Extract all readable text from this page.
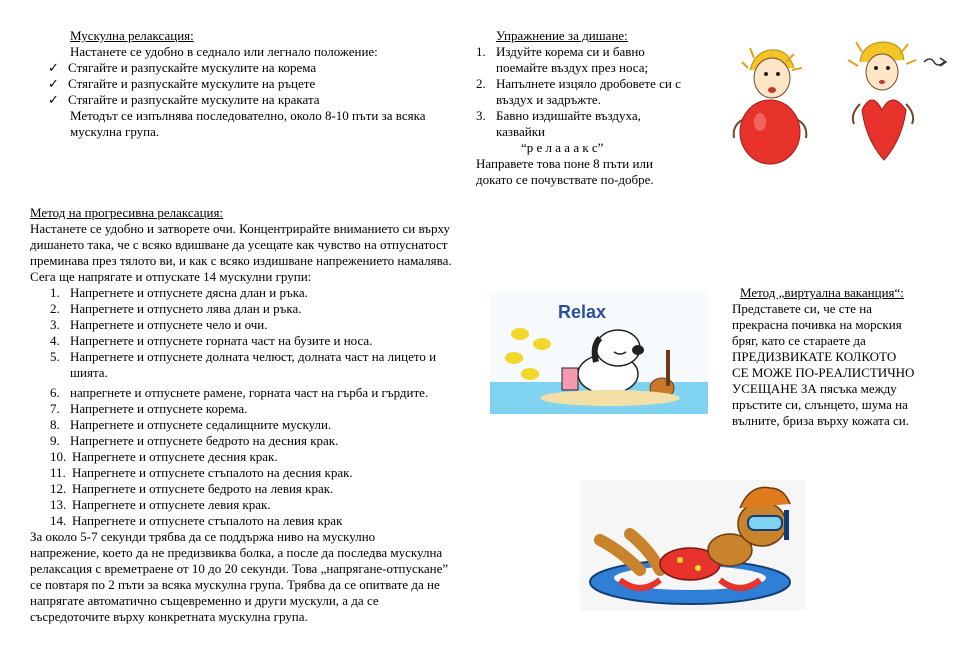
Мускулна релаксация:
Настанете се удобно в седнало или легнало положение:
✓ Стягайте и разпускайте мускулите на корема
✓ Стягайте и разпускайте мускулите на ръцете
✓ Стягайте и разпускайте мускулите на краката
Методът се изпълнява последователно, около 8-10 пъти за всяка
мускулна група.
Упражнение за дишане:
1. Издуйте корема си и бавно
поемайте въздух през носа;
2. Напълнете изцяло дробовете си с
въздух и задръжте.
3. Бавно издишайте въздуха,
казвайки
“р е л а а а к с”
Направете това поне 8 пъти или
докато се почувствате по-добре.
Метод на прогресивна релаксация:
Настанете се удобно и затворете очи. Концентрирайте вниманието си върху
дишането така, че с всяко вдишване да усещате как чувство на отпуснатост
преминава през тялото ви, и как с всяко издишване напрежението намалява.
Сега ще напрягате и отпускате 14 мускулни групи:
1. Напрегнете и отпуснете дясна длан и ръка.
2. Напрегнете и отпуснето лява длан и ръка.
3. Напрегнете и отпуснете чело и очи.
4. Напрегнете и отпуснете горната част на бузите и носа.
5. Напрегнете и отпуснете долната челюст, долната част на лицето и
шията.
6. напрегнете и отпуснете рамене, горната част на гърба и гърдите.
7. Напрегнете и отпуснете корема.
8. Напрегнете и отпуснете седалищните мускули.
9. Напрегнете и отпуснете бедрото на десния крак.
10. Напрегнете и отпуснете десния крак.
11. Напрегнете и отпуснете стъпалото на десния крак.
12. Напрегнете и отпуснете бедрото на левия крак.
13. Напрегнете и отпуснете левия крак.
14. Напрегнете и отпуснете стъпалото на левия крак
За около 5-7 секунди трябва да се поддържа ниво на мускулно
напрежение, което да не предизвиква болка, а после да последва мускулна
релаксация с времетраене от 10 до 20 секунди. Това „напрягане-отпускане”
се повтаря по 2 пъти за всяка мускулна група. Трябва да се опитвате да не
напрягате автоматично същевременно и други мускули, а да се
съсредоточите върху конкретната мускулна група.
Relax
Метод „виртуална ваканция“:
Представете си, че сте на
прекрасна почивка на морския
бряг, като се старaете да
ПРЕДИЗВИКАТЕ КОЛКОТО
СЕ МОЖЕ ПО-РЕАЛИСТИЧНО
УСЕЩАНЕ ЗА пясъка между
пръстите си, слънцето, шума на
вълните, бриза върху кожата си.
